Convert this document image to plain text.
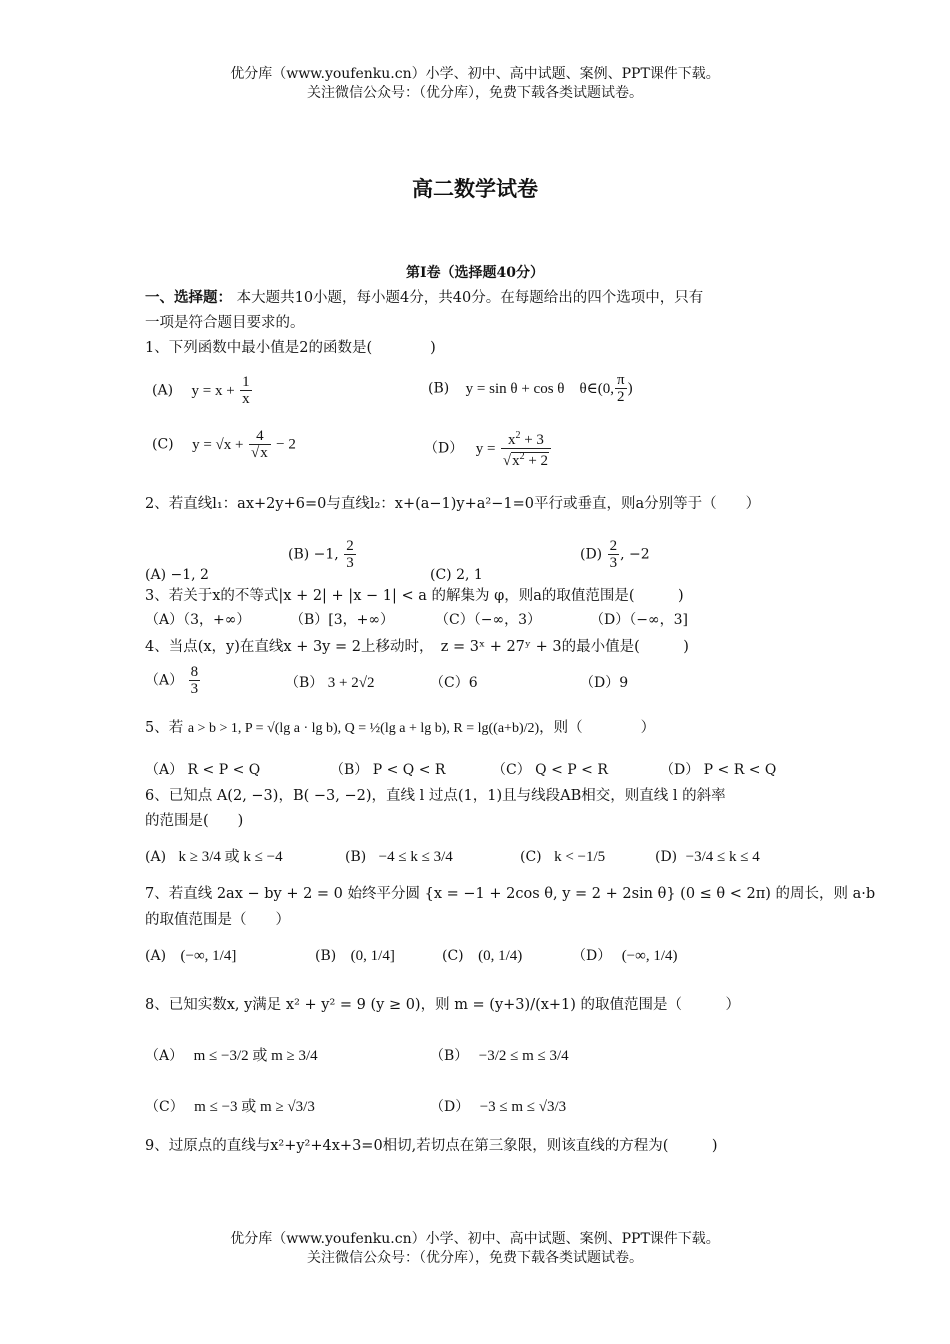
优分库（www.youfenku.cn）小学、初中、高中试题、案例、PPT课件下载。
关注微信公众号：（优分库），免费下载各类试题试卷。
高二数学试卷
第Ⅰ卷（选择题40分）
一、选择题： 本大题共10小题，每小题4分，共40分。在每题给出的四个选项中，只有
一项是符合题目要求的。
1、下列函数中最小值是2的函数是(　　　　)
(A) $y = x + \frac{1}{x}$	(B) y = sin θ + cos θ　θ∈(0, $\frac{\pi}{2}$ )
(C) $y = √x + \frac{4}{√x} - 2$	（D） $y = \frac{x^2 + 3}{√x^2 + 2}$
2、若直线l₁：ax+2y+6=0与直线l₂：x+(a−1)y+a²−1=0平行或垂直，则a分别等于（　　）
(A) −1, 2
(B) −1, $\frac{2}{3}$
(C) 2, 1
$(D) \frac{2}{3}$ , −2
3、若关于x的不等式|x + 2| + |x − 1| < a 的解集为 φ，则a的取值范围是(　　　)
（A）（3，+∞）	（B）[3，+∞）	（C）（−∞，3）	（D）（−∞，3]
4、当点(x，y)在直线x + 3y = 2上移动时，　z = 3ˣ + 27ʸ + 3的最小值是(　　　)
$(A) \frac{8}{3}$	（B） 3 + 2√2	（C）6	（D）9
5、若 a > b > 1, P = √(lg a · lg b), Q = ½(lg a + lg b), R = lg((a+b)/2)，则（　　　　）
（A） R < P < Q	（B） P < Q < R	（C） Q < P < R	（D） P < R < Q
6、已知点 A(2, −3)，B( −3, −2)，直线 l 过点(1，1)且与线段AB相交，则直线 l 的斜率
的范围是(　　)
(A) k ≥ 3/4 或 k ≤ −4	(B) −4 ≤ k ≤ 3/4	(C) k < −1/5	(D) −3/4 ≤ k ≤ 4
7、若直线 2ax − by + 2 = 0 始终平分圆 {x = −1 + 2cos θ, y = 2 + 2sin θ} (0 ≤ θ < 2π) 的周长，则 a·b
的取值范围是（　　）
(A) (−∞, 1/4]	(B) (0, 1/4]	(C) (0, 1/4)	（D） (−∞, 1/4)
8、已知实数x, y满足 x² + y² = 9 (y ≥ 0)，则 m = (y+3)/(x+1) 的取值范围是（　　　）
（A） m ≤ −3/2 或 m ≥ 3/4	（B） −3/2 ≤ m ≤ 3/4
（C） m ≤ −3 或 m ≥ √3/3	（D） −3 ≤ m ≤ √3/3
9、过原点的直线与x²+y²+4x+3=0相切,若切点在第三象限，则该直线的方程为(　　　)
优分库（www.youfenku.cn）小学、初中、高中试题、案例、PPT课件下载。
关注微信公众号：（优分库），免费下载各类试题试卷。
